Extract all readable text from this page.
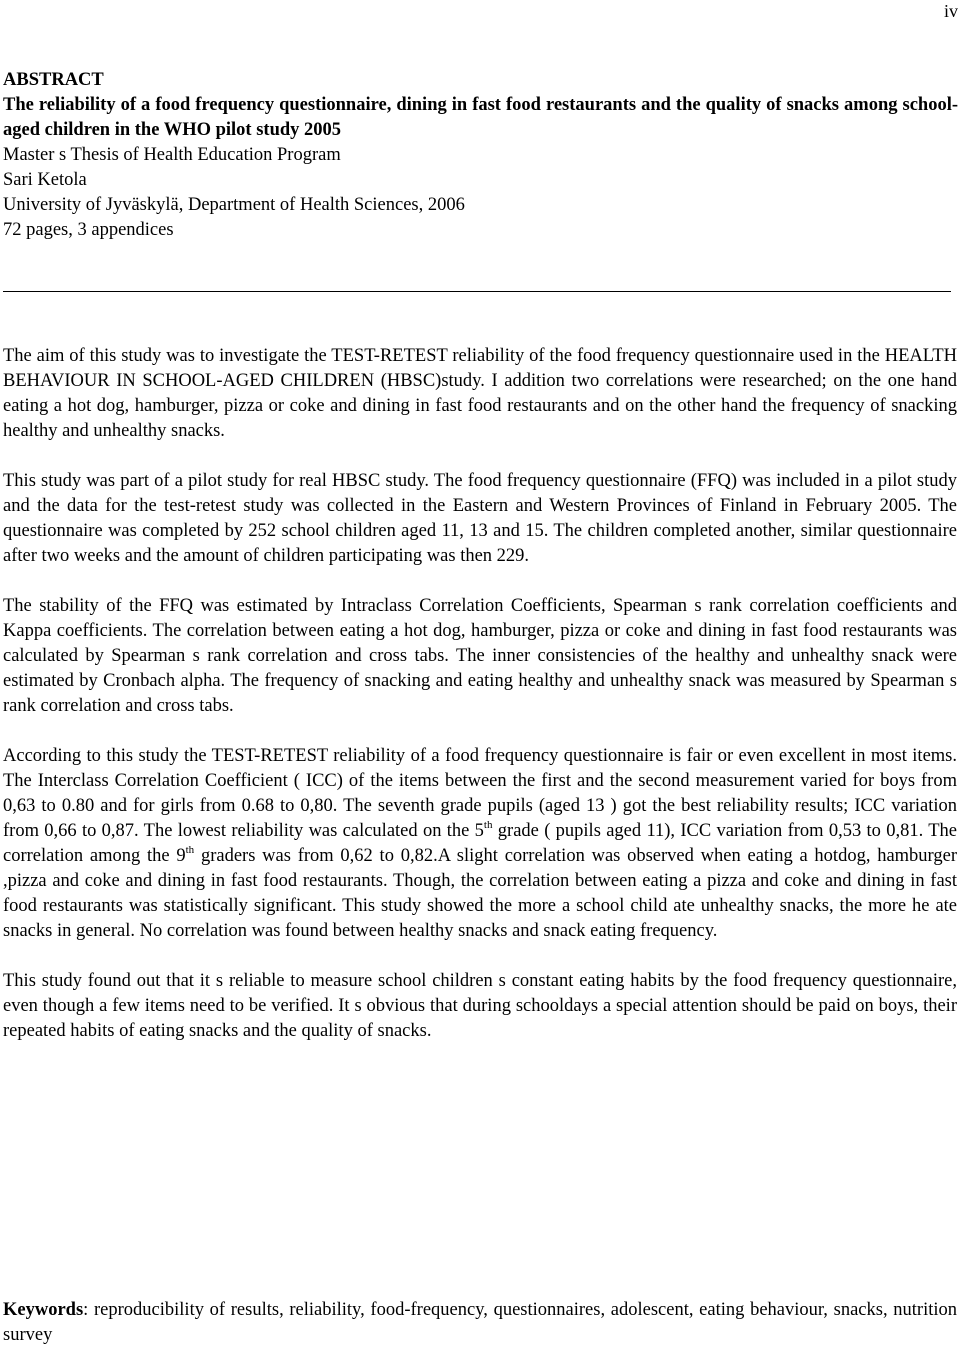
iv
ABSTRACT
The reliability of a food frequency questionnaire, dining in fast food restaurants and the quality of snacks among school-aged children in the WHO pilot study 2005
Master s Thesis of Health Education Program
Sari Ketola
University of Jyväskylä, Department of Health Sciences, 2006
72 pages, 3 appendices

The aim of this study was to investigate the TEST-RETEST reliability of the food frequency questionnaire used in the HEALTH BEHAVIOUR IN SCHOOL-AGED CHILDREN (HBSC)study. I addition two correlations were researched; on the one hand eating a hot dog, hamburger, pizza or coke and dining in fast food restaurants and on the other hand the frequency of snacking healthy and unhealthy snacks.

This study was part of a pilot study for real HBSC study. The food frequency questionnaire (FFQ) was included in a pilot study and the data for the test-retest study was collected in the Eastern and Western Provinces of Finland in February 2005. The questionnaire was completed by 252 school children aged 11, 13 and 15. The children completed another, similar questionnaire after two weeks and the amount of children participating was then 229.

The stability of the FFQ was estimated by Intraclass Correlation Coefficients, Spearman s rank correlation coefficients and Kappa coefficients. The correlation between eating a hot dog, hamburger, pizza or coke and dining in fast food restaurants was calculated by Spearman s rank correlation and cross tabs. The inner consistencies of the healthy and unhealthy snack were estimated by Cronbach alpha. The frequency of snacking and eating healthy and unhealthy snack was measured by Spearman s rank correlation and cross tabs.

According to this study the TEST-RETEST reliability of a food frequency questionnaire is fair or even excellent in most items. The Interclass Correlation Coefficient ( ICC) of the items between the first and the second measurement varied for boys from 0,63 to 0.80 and for girls from 0.68 to 0,80. The seventh grade pupils (aged 13 ) got the best reliability results; ICC variation from 0,66 to 0,87. The lowest reliability was calculated on the 5th grade ( pupils aged 11), ICC variation from 0,53 to 0,81. The correlation among the 9th graders was from 0,62 to 0,82.A slight correlation was observed when eating a hotdog, hamburger ,pizza and coke and dining in fast food restaurants. Though, the correlation between eating a pizza and coke and dining in fast food restaurants was statistically significant. This study showed the more a school child ate unhealthy snacks, the more he ate snacks in general. No correlation was found between healthy snacks and snack eating frequency.

This study found out that it s reliable to measure school children s constant eating habits by the food frequency questionnaire, even though a few items need to be verified. It s obvious that during schooldays a special attention should be paid on boys, their repeated habits of eating snacks and the quality of snacks.

Keywords: reproducibility of results, reliability, food-frequency, questionnaires, adolescent, eating behaviour, snacks, nutrition survey
